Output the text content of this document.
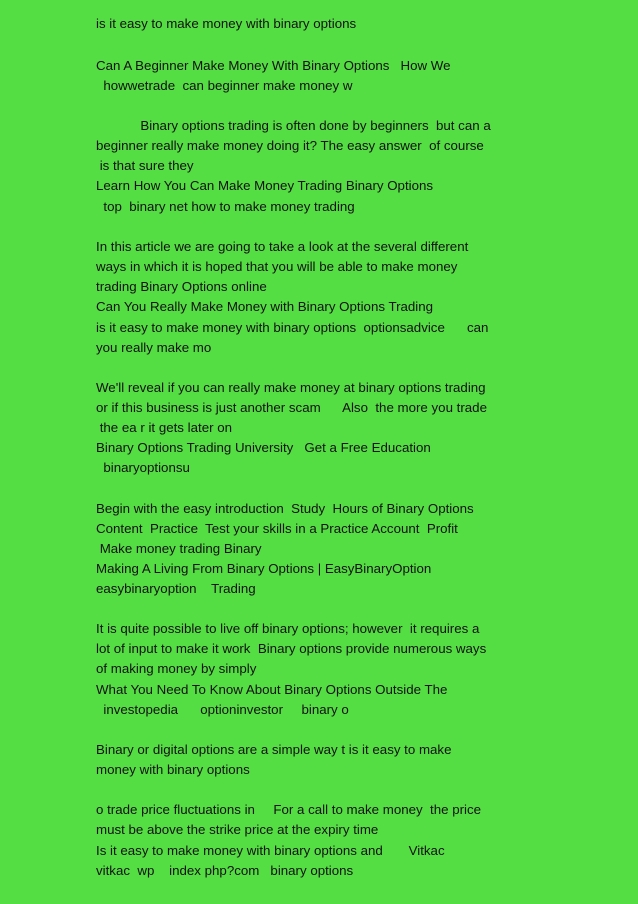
is it easy to make money with binary options
Can A Beginner Make Money With Binary Options   How We
howwetrade  can beginner make money w
Binary options trading is often done by beginners  but can a
beginner really make money doing it? The easy answer  of course
is that sure they
Learn How You Can Make Money Trading Binary Options
top  binary net how to make money trading
In this article we are going to take a look at the several different
ways in which it is hoped that you will be able to make money
trading Binary Options online
Can You Really Make Money with Binary Options Trading
is it easy to make money with binary options  optionsadvice      can
you really make mo
We'll reveal if you can really make money at binary options trading
or if this business is just another scam      Also  the more you trade
the ea r it gets later on
Binary Options Trading University   Get a Free Education
binaryoptionsu
Begin with the easy introduction  Study  Hours of Binary Options
Content  Practice  Test your skills in a Practice Account  Profit
Make money trading Binary
Making A Living From Binary Options | EasyBinaryOption
easybinaryoption    Trading
It is quite possible to live off binary options; however  it requires a
lot of input to make it work  Binary options provide numerous ways
of making money by simply
What You Need To Know About Binary Options Outside The
investopedia      optioninvestor     binary o
Binary or digital options are a simple way t is it easy to make
money with binary options
o trade price fluctuations in     For a call to make money  the price
must be above the strike price at the expiry time
Is it easy to make money with binary options and       Vitkac
vitkac  wp    index php?com   binary options
